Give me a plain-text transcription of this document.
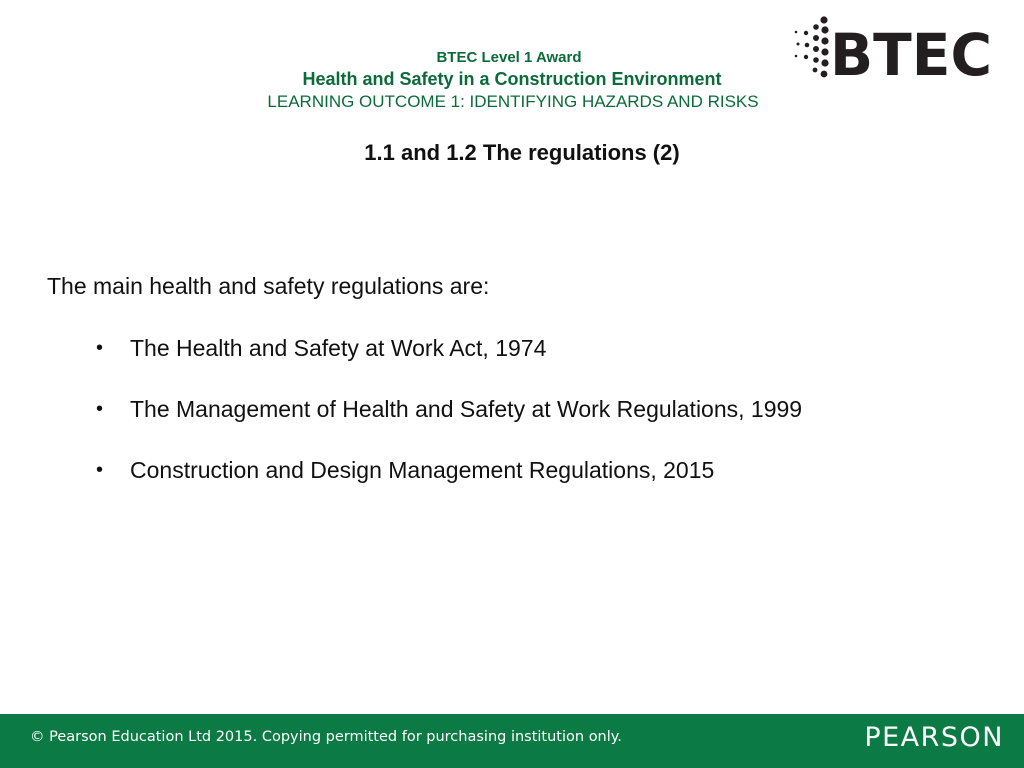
BTEC Level 1 Award
Health and Safety in a Construction Environment
LEARNING OUTCOME 1: IDENTIFYING HAZARDS AND RISKS
BTEC
1.1 and 1.2 The regulations (2)
The main health and safety regulations are:
• The Health and Safety at Work Act, 1974
• The Management of Health and Safety at Work Regulations, 1999
• Construction and Design Management Regulations, 2015
© Pearson Education Ltd 2015. Copying permitted for purchasing institution only.	PEARSON
